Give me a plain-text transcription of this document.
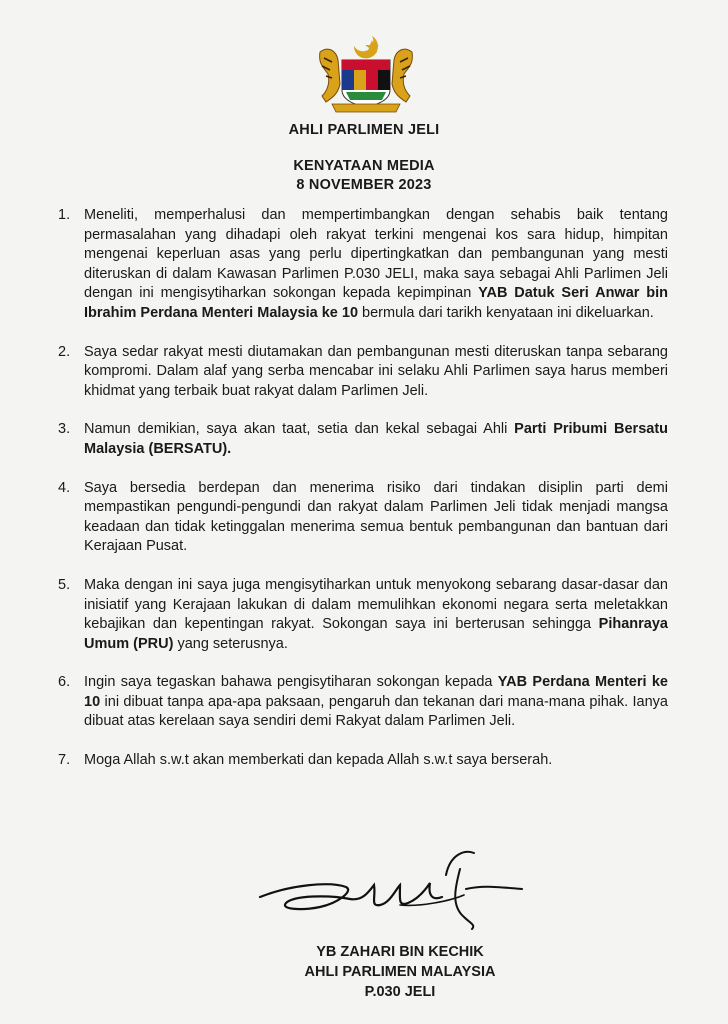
AHLI PARLIMEN JELI
KENYATAAN MEDIA
8 NOVEMBER 2023
1. Meneliti, memperhalusi dan mempertimbangkan dengan sehabis baik tentang permasalahan yang dihadapi oleh rakyat terkini mengenai kos sara hidup, himpitan mengenai keperluan asas yang perlu dipertingkatkan dan pembangunan yang mesti diteruskan di dalam Kawasan Parlimen P.030 JELI, maka saya sebagai Ahli Parlimen Jeli dengan ini mengisytiharkan sokongan kepada kepimpinan YAB Datuk Seri Anwar bin Ibrahim Perdana Menteri Malaysia ke 10 bermula dari tarikh kenyataan ini dikeluarkan.
2. Saya sedar rakyat mesti diutamakan dan pembangunan mesti diteruskan tanpa sebarang kompromi. Dalam alaf yang serba mencabar ini selaku Ahli Parlimen saya harus memberi khidmat yang terbaik buat rakyat dalam Parlimen Jeli.
3. Namun demikian, saya akan taat, setia dan kekal sebagai Ahli Parti Pribumi Bersatu Malaysia (BERSATU).
4. Saya bersedia berdepan dan menerima risiko dari tindakan disiplin parti demi mempastikan pengundi-pengundi dan rakyat dalam Parlimen Jeli tidak menjadi mangsa keadaan dan tidak ketinggalan menerima semua bentuk pembangunan dan bantuan dari Kerajaan Pusat.
5. Maka dengan ini saya juga mengisytiharkan untuk menyokong sebarang dasar-dasar dan inisiatif yang Kerajaan lakukan di dalam memulihkan ekonomi negara serta meletakkan kebajikan dan kepentingan rakyat. Sokongan saya ini berterusan sehingga Pihanraya Umum (PRU) yang seterusnya.
6. Ingin saya tegaskan bahawa pengisytiharan sokongan kepada YAB Perdana Menteri ke 10 ini dibuat tanpa apa-apa paksaan, pengaruh dan tekanan dari mana-mana pihak. Ianya dibuat atas kerelaan saya sendiri demi Rakyat dalam Parlimen Jeli.
7. Moga Allah s.w.t akan memberkati dan kepada Allah s.w.t saya berserah.
YB ZAHARI BIN KECHIK
AHLI PARLIMEN MALAYSIA
P.030 JELI
